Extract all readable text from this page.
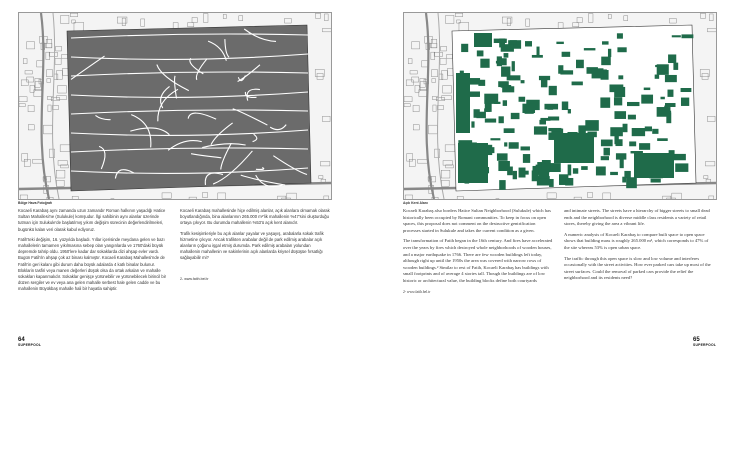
Bölge Hava Fotoğrafı

Kocaeli Karabaş aynı zamanda uzun zamandır Roman halkının yaşadığı Hatice Sultan Mahallesi'ne (Sulukule) komşudur. İlgi sahibinin aynı alanlar üzerinde tutman için Sulukule'de başlatılmış yıkım değişim sürecinin değerlendirilmeleri, bugünkü kalan veri olarak kabul ediyoruz.

Fatih'teki değişim, 16. yüzyılda başladı. Yıllar içerisinde meydana gelen ve bazı mahallelerin tamamen yıkılmasına sebep olan yangınlarda ve 1760'daki büyük depremde tahrip oldu. 1950'lere kadar dar sokaklarda dizi ahşap evler vardı. Bugün Fatih'in ahşap çok az binası kalmıştır. Kocaeli Karabaş Mahallesi'nde de Fatih'in geri kalanı gibi durum daha büyük adalarda 4 katlı binalar bulunur. Bloklarin tasfiri veya manen değerleri düşük olsa da ortak arkaları ve mahalle sokakları kapanmalıdır. Sokaklar genişçe yürünebilir ve yürünebilecek birincil bir düzen sergiler ve ev veya ana gelen mahalle serbest hale gelen cadde ve bu mahallenin Büyükbaş mahalle hali bir hayatla sahiptir.

Kocaeli Karabaş mahallesinde hiçe edilmiş alanlar, açık alanlara olmamak olarak boyutlandığında, bina alanlarının 265.000 m²'lik mahallenin %47'sini oluşturduğu ortaya çıkıyor. Bu durumda mahallenin %53'ü açık kent alanıdır.

Trafik kesişimleriyle bu açık alanlar yayalar ve yaşayış, arabalarla sokak trafik hizmetine çıkıyor. Ancak trafikten arabalar değil de park edilmiş arabalar açık alanların çoğunu işgal etmiş durumda. Park edilmiş arabaları yolundan mahallenin mahallenin ve sakinlerinin açık alanlarda kriysel düşüşüe fırsatlığı sağlayabilir mi?

2- www.fatih.bel.tr
64
SUPERPOOL
Açık Kent Alanı

Kocaeli Karabaş also borders Hatice Sultan Neighborhood (Sulukule) which has historically been occupied by Romani communities. To keep in focus on open spaces, this proposal does not comment on the destructive gentrification processes started in Sulukule and takes the current condition as a given.

The transformation of Fatih began in the 16th century. And fires have accelerated over the years by fires which destroyed whole neighborhoods of wooden houses, and a major earthquake in 1766. There are few wooden buildings left today, although right up until the 1950s the area was covered with narrow rows of wooden buildings.² Similar to rest of Fatih, Kocaeli Karabaş has buildings with small footprints and of average 4 stories tall. Though the buildings are of low historic or architectural value, the building blocks define both courtyards

2- www.fatih.bel.tr

and intimate streets. The streets have a hierarchy of bigger streets to small dead ends and the neighborhood is diverse middle class residents a variety of retail stores, thereby giving the area a vibrant life.

A numeric analysis of Kocaeli Karabaş to compare built space to open space shows that building mass is roughly 265.000 m², which corresponds to 47% of the site whereas 53% is open urban space.

The traffic through this open space is slow and low volume and interferes occasionally with the street activities. How ever parked cars take up most of the street surfaces. Could the removal of parked cars provide the relief the neighborhood and its residents need?

65
SUPERPOOL
